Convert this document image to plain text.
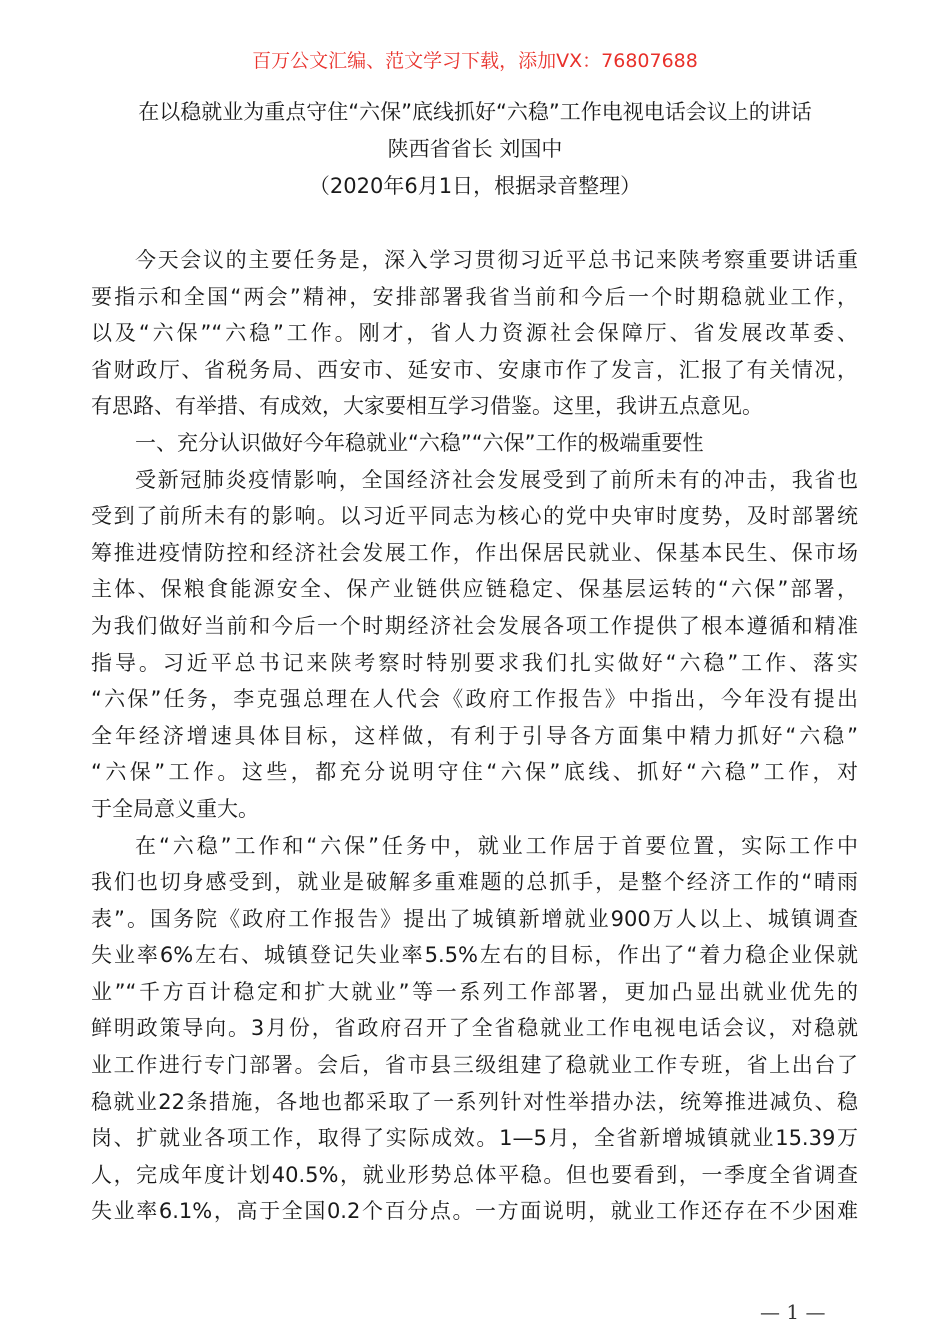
百万公文汇编、范文学习下载，添加VX：76807688
在以稳就业为重点守住“六保”底线抓好“六稳”工作电视电话会议上的讲话
陕西省省长 刘国中
（2020年6月1日，根据录音整理）
今天会议的主要任务是，深入学习贯彻习近平总书记来陕考察重要讲话重
要指示和全国“两会”精神，安排部署我省当前和今后一个时期稳就业工作，
以及“六保”“六稳”工作。刚才，省人力资源社会保障厅、省发展改革委、
省财政厅、省税务局、西安市、延安市、安康市作了发言，汇报了有关情况，
有思路、有举措、有成效，大家要相互学习借鉴。这里，我讲五点意见。
一、充分认识做好今年稳就业“六稳”“六保”工作的极端重要性
受新冠肺炎疫情影响，全国经济社会发展受到了前所未有的冲击，我省也
受到了前所未有的影响。以习近平同志为核心的党中央审时度势，及时部署统
筹推进疫情防控和经济社会发展工作，作出保居民就业、保基本民生、保市场
主体、保粮食能源安全、保产业链供应链稳定、保基层运转的“六保”部署，
为我们做好当前和今后一个时期经济社会发展各项工作提供了根本遵循和精准
指导。习近平总书记来陕考察时特别要求我们扎实做好“六稳”工作、落实
“六保”任务，李克强总理在人代会《政府工作报告》中指出，今年没有提出
全年经济增速具体目标，这样做，有利于引导各方面集中精力抓好“六稳”
“六保”工作。这些，都充分说明守住“六保”底线、抓好“六稳”工作，对
于全局意义重大。
在“六稳”工作和“六保”任务中，就业工作居于首要位置，实际工作中
我们也切身感受到，就业是破解多重难题的总抓手，是整个经济工作的“晴雨
表”。国务院《政府工作报告》提出了城镇新增就业900万人以上、城镇调查
失业率6%左右、城镇登记失业率5.5%左右的目标，作出了“着力稳企业保就
业”“千方百计稳定和扩大就业”等一系列工作部署，更加凸显出就业优先的
鲜明政策导向。3月份，省政府召开了全省稳就业工作电视电话会议，对稳就
业工作进行专门部署。会后，省市县三级组建了稳就业工作专班，省上出台了
稳就业22条措施，各地也都采取了一系列针对性举措办法，统筹推进减负、稳
岗、扩就业各项工作，取得了实际成效。1—5月，全省新增城镇就业15.39万
人，完成年度计划40.5%，就业形势总体平稳。但也要看到，一季度全省调查
失业率6.1%，高于全国0.2个百分点。一方面说明，就业工作还存在不少困难
— 1 —
